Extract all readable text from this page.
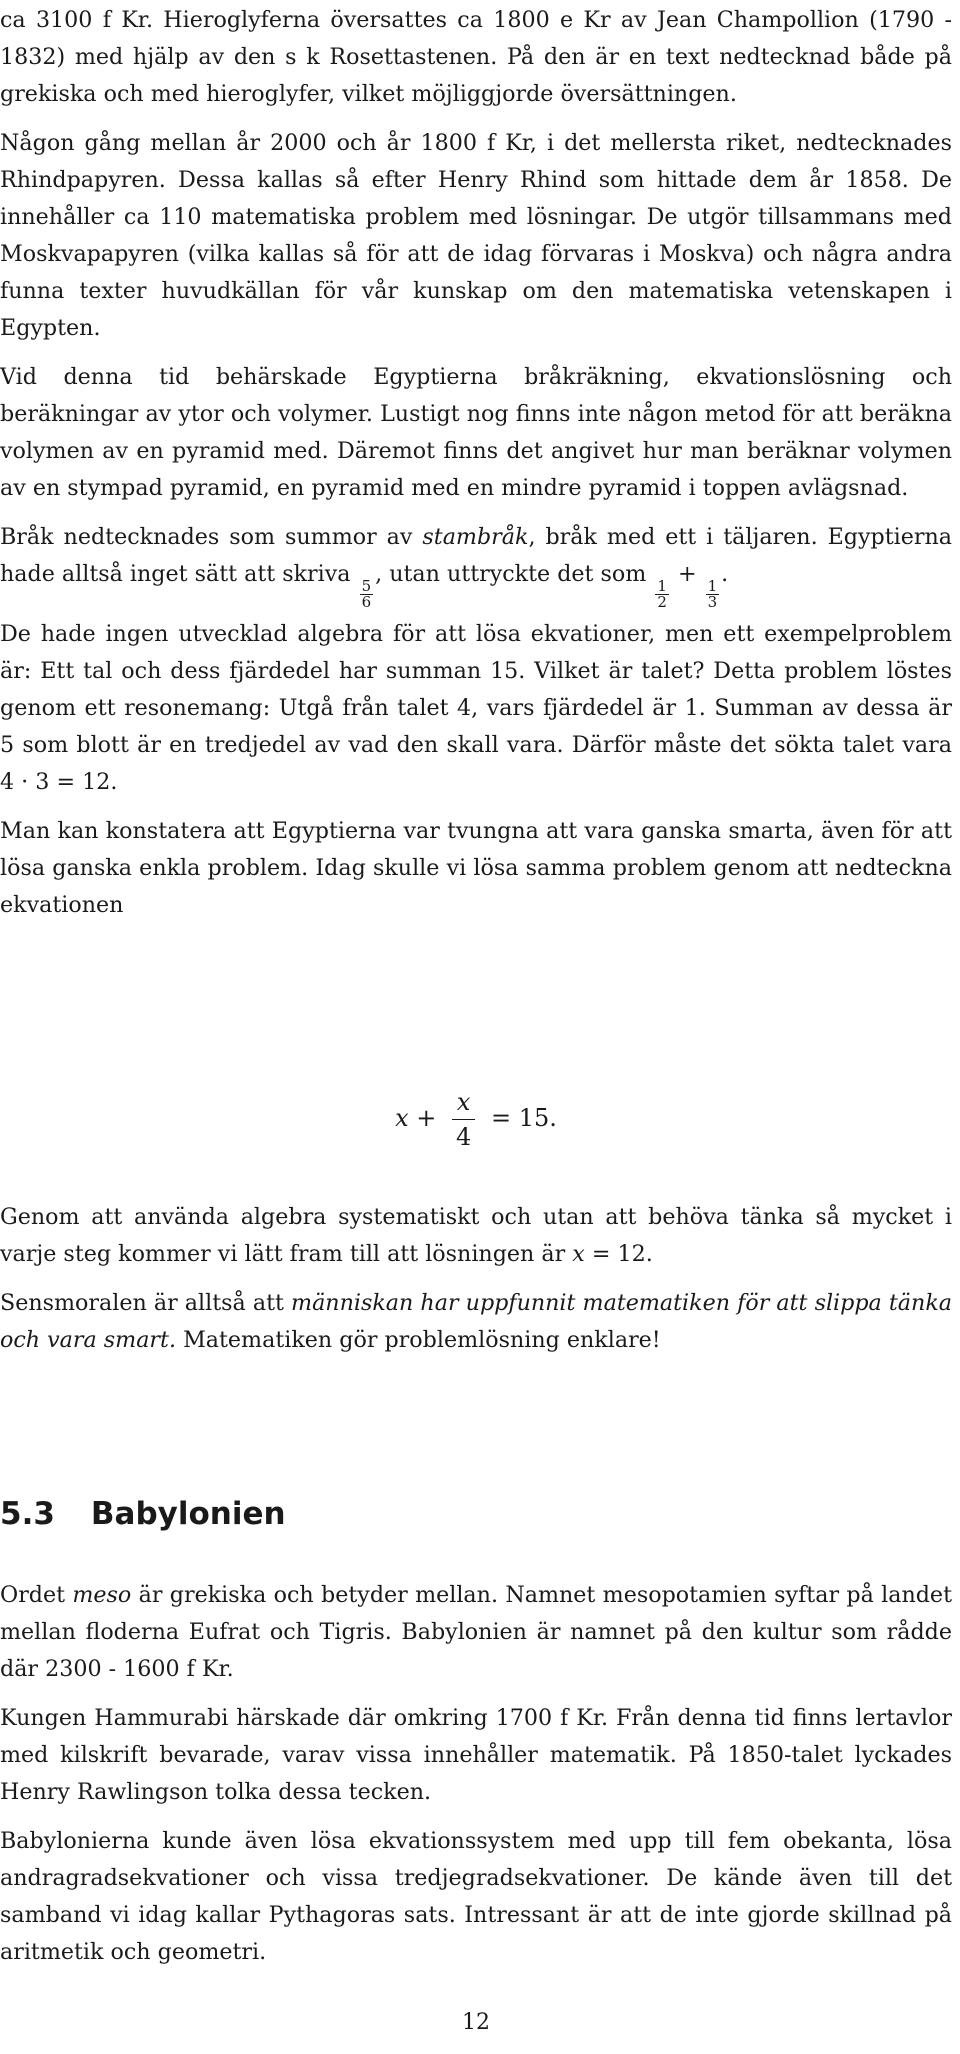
ca 3100 f Kr. Hieroglyferna översattes ca 1800 e Kr av Jean Champollion (1790 - 1832) med hjälp av den s k Rosettastenen. På den är en text nedtecknad både på grekiska och med hieroglyfer, vilket möjliggjorde översättningen.

Någon gång mellan år 2000 och år 1800 f Kr, i det mellersta riket, nedtecknades Rhindpapyren. Dessa kallas så efter Henry Rhind som hittade dem år 1858. De innehåller ca 110 matematiska problem med lösningar. De utgör tillsammans med Moskvapapyren (vilka kallas så för att de idag förvaras i Moskva) och några andra funna texter huvudkällan för vår kunskap om den matematiska vetenskapen i Egypten.

Vid denna tid behärskade Egyptierna bråkräkning, ekvationslösning och beräkningar av ytor och volymer. Lustigt nog finns inte någon metod för att beräkna volymen av en pyramid med. Däremot finns det angivet hur man beräknar volymen av en stympad pyramid, en pyramid med en mindre pyramid i toppen avlägsnad.

Bråk nedtecknades som summor av stambråk, bråk med ett i täljaren. Egyptierna hade alltså inget sätt att skriva
$\frac{5}{6}$
, utan uttryckte det som
$\frac{1}{2}$
+
$\frac{1}{3}$
.

De hade ingen utvecklad algebra för att lösa ekvationer, men ett exempelproblem är: Ett tal och dess fjärdedel har summan 15. Vilket är talet? Detta problem löstes genom ett resonemang: Utgå från talet 4, vars fjärdedel är 1. Summan av dessa är 5 som blott är en tredjedel av vad den skall vara. Därför måste det sökta talet vara 4 · 3 = 12.

Man kan konstatera att Egyptierna var tvungna att vara ganska smarta, även för att lösa ganska enkla problem. Idag skulle vi lösa samma problem genom att nedteckna ekvationen

$x + \frac{x}{4} = 15$.

Genom att använda algebra systematiskt och utan att behöva tänka så mycket i varje steg kommer vi lätt fram till att lösningen är x = 12.

Sensmoralen är alltså att människan har uppfunnit matematiken för att slippa tänka och vara smart. Matematiken gör problemlösning enklare!

5.3 Babylonien

Ordet meso är grekiska och betyder mellan. Namnet mesopotamien syftar på landet mellan floderna Eufrat och Tigris. Babylonien är namnet på den kultur som rådde där 2300 - 1600 f Kr.

Kungen Hammurabi härskade där omkring 1700 f Kr. Från denna tid finns lertavlor med kilskrift bevarade, varav vissa innehåller matematik. På 1850-talet lyckades Henry Rawlingson tolka dessa tecken.

Babylonierna kunde även lösa ekvationssystem med upp till fem obekanta, lösa andragradsekvationer och vissa tredjegradsekvationer. De kände även till det samband vi idag kallar Pythagoras sats. Intressant är att de inte gjorde skillnad på aritmetik och geometri.

12
